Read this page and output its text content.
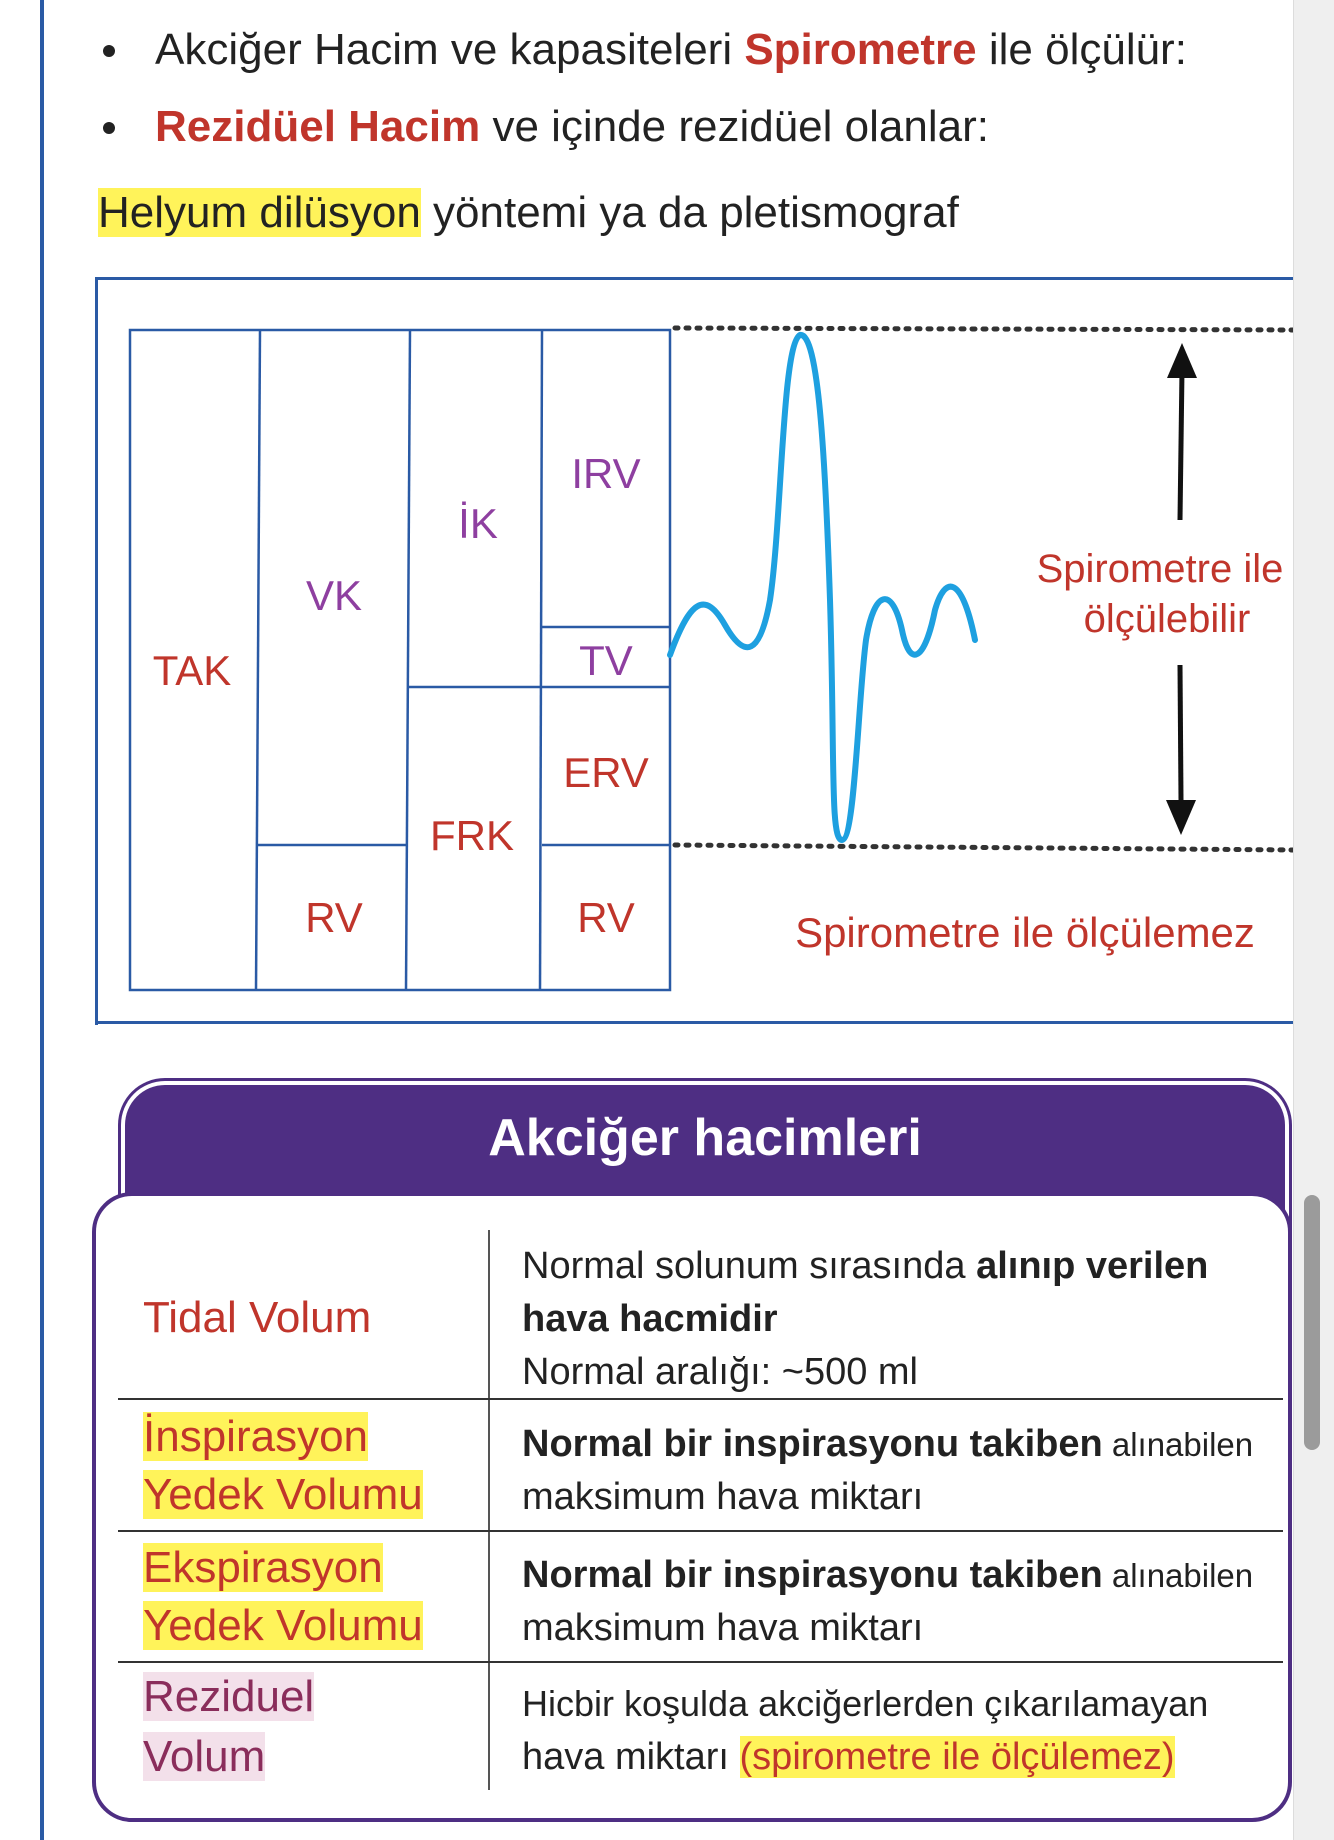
Akciğer Hacim ve kapasiteleri Spirometre ile ölçülür:
Rezidüel Hacim ve içinde rezidüel olanlar:
Helyum dilüsyon yöntemi ya da pletismograf
TAK
VK
RV
İK
FRK
IRV
TV
ERV
RV
Spirometre ile
ölçülebilir
Spirometre ile ölçülemez
Akciğer hacimleri
Tidal Volum
Normal solunum sırasında alınıp verilen
hava hacmidir
Normal aralığı: ~500 ml
İnspirasyon
Yedek Volumu
Normal bir inspirasyonu takiben alınabilen
maksimum hava miktarı
Ekspirasyon
Yedek Volumu
Normal bir inspirasyonu takiben alınabilen
maksimum hava miktarı
Reziduel
Volum
Hicbir koşulda akciğerlerden çıkarılamayan
hava miktarı (spirometre ile ölçülemez)
